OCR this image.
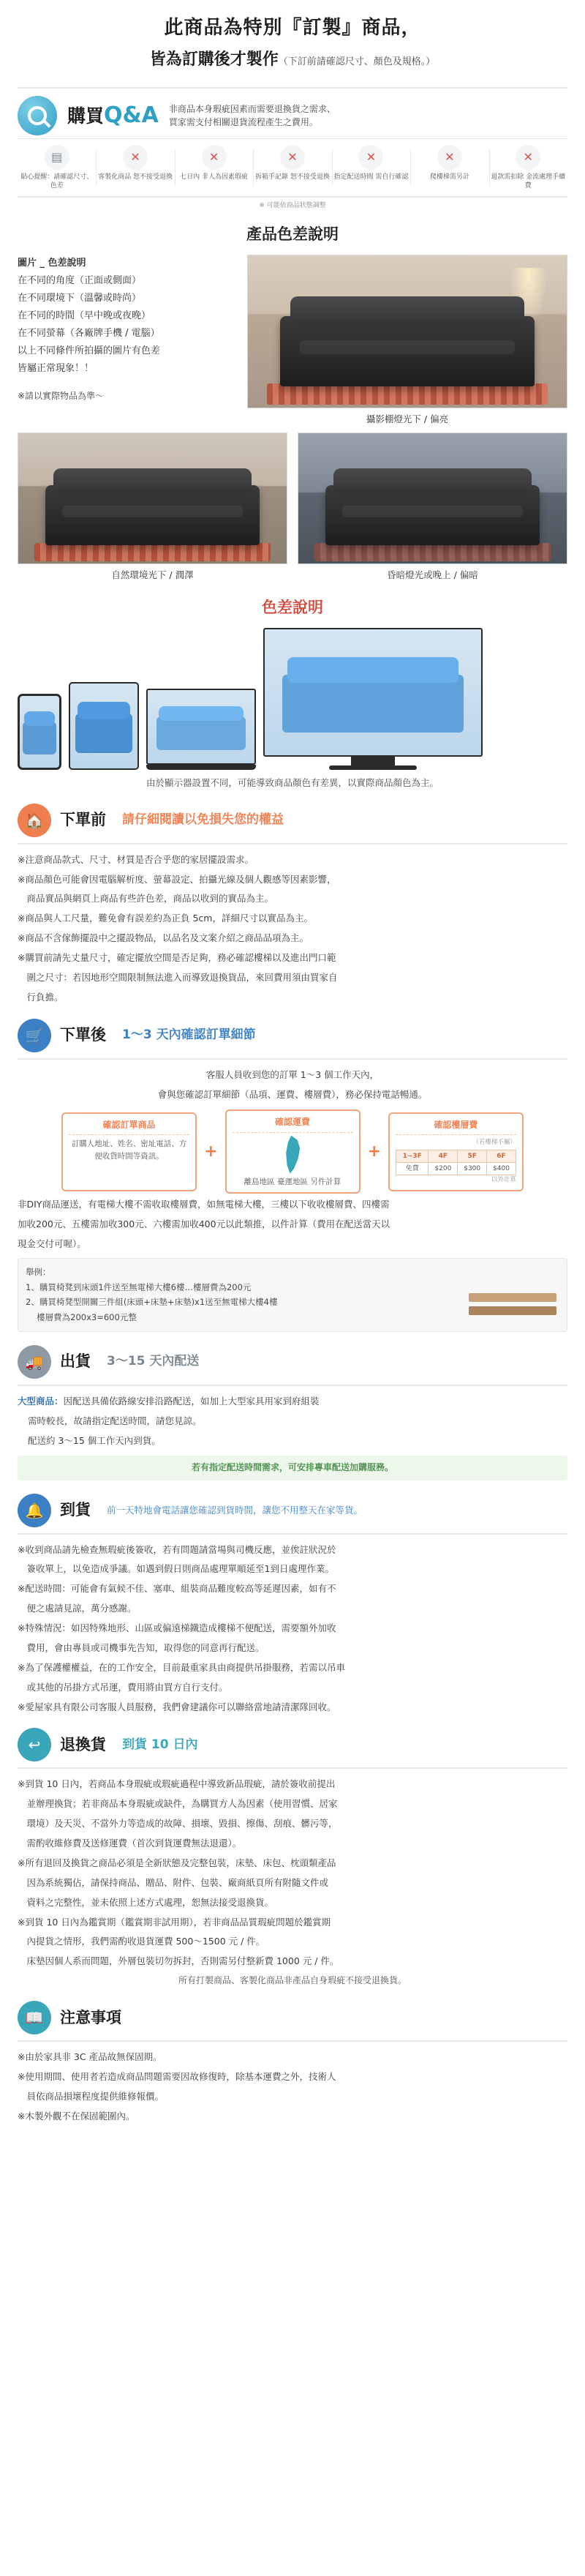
此商品為特別『訂製』商品，
皆為訂購後才製作（下訂前請確認尺寸、顏色及規格。）
購買Q&A 非商品本身瑕疵因素而需要退換貨之需求、
買家需支付相關退貨流程產生之費用。
▤
貼心提醒：請確認尺寸、色差
✕
客製化商品 恕不接受退換
✕
七日內 非人為因素瑕疵
✕
拆箱手記錄 恕不接受退換
✕
指定配送時間 需自行確認
✕
爬樓梯需另計
✕
退款需扣除 金流處理手續費
※ 可能依商品狀態調整
產品色差說明
圖片 _ 色差說明
在不同的角度（正面或側面）
在不同環境下（溫馨或時尚）
在不同的時間（早中晚或夜晚）
在不同螢幕（各廠牌手機 / 電腦）
以上不同條件所拍攝的圖片有色差
皆屬正常現象！！
※請以實際物品為準～
攝影棚燈光下 / 偏亮
自然環境光下 / 潤澤	昏暗燈光或晚上 / 偏暗
色差說明
由於顯示器設置不同，可能導致商品顏色有差異，以實際商品顏色為主。
🏠	下單前 請仔細閱讀以免損失您的權益

※注意商品款式、尺寸、材質是否合乎您的家居擺設需求。

※商品顏色可能會因電腦解析度、螢幕設定、拍攝光線及個人觀感等因素影響，

　商品實品與網頁上商品有些許色差，商品以收到的實品為主。

※商品與人工尺量，難免會有誤差約為正負 5cm，詳細尺寸以實品為主。

※商品不含傢飾擺設中之擺設物品，以品名及文案介紹之商品品項為主。

※購買前請先丈量尺寸，確定擺放空間是否足夠，務必確認樓梯以及進出門口範

　圍之尺寸：若因地形空間限制無法進入而導致退換貨品，來回費用須由買家自

　行負擔。

🛒	下單後 1～3 天內確認訂單細節

客服人員收到您的訂單 1～3 個工作天內，

會與您確認訂單細節（品項、運費、樓層費），務必保持電話暢通。

確認訂單商品
訂購人地址、姓名、密址電話、方便收貨時間等資訊。	+
確認運費
離島地區 臺運地區 另件計算
+
確認樓層費
（若樓梯不屬）
1~3F	4F	5F	6F
免費	$200	$300	$400
以外計算

非DIY商品運送，有電梯大樓不需收取樓層費，如無電梯大樓，三樓以下收收樓層費、四樓需

加收200元、五樓需加收300元、六樓需加收400元以此類推，以件計算（費用在配送當天以

現金交付可喔）。

舉例：
1、購買椅凳到床頭1件送至無電梯大樓6樓…樓層費為200元
2、購買椅凳型開關三件組(床頭+床墊+床墊)x1送至無電梯大樓4樓
　 樓層費為200x3=600元整
🚚	出貨 3～15 天內配送

大型商品：因配送具備依路線安排沿路配送，如加上大型家具用家到府組裝

需時較長，故請指定配送時間，請您見諒。

配送約 3～15 個工作天內到貨。

若有指定配送時間需求，可安排專車配送加購服務。
🔔	到貨 前一天特地會電話讓您確認到貨時間，讓您不用整天在家等貨。

※收到商品請先檢查無瑕疵後簽收，若有問題請當場與司機反應，並俟註狀況於

　簽收單上，以免造成爭議。如遇到假日則商品處理單順延至1到日處理作業。

※配送時間：可能會有氣候不佳、塞車、組裝商品難度較高等延遲因素，如有不

　便之處請見諒，萬分感謝。

※特殊情況：如因特殊地形、山區或偏遠梯鐵造成樓梯不便配送，需要額外加收

　費用，會由專員或司機事先告知，取得您的同意再行配送。

※為了保護權權益，在的工作安全，目前最重家具由商提供吊掛服務，若需以吊車

　或其他的吊掛方式吊運，費用將由買方自行支付。

※愛屋家具有限公司客服人員服務，我們會建議你可以聯絡當地請清潔隊回收。

↩	退換貨 到貨 10 日內

※到貨 10 日內，若商品本身瑕疵或瑕疵過程中導致新品瑕疵，請於簽收前提出

　並辦理換貨；若非商品本身瑕疵或缺件，為購買方人為因素（使用習慣、居家

　環境）及天災、不當外力等造成的故障、損壞、毀損、擦傷、刮痕、髒污等，

　需酌收維修費及送修運費（首次到貨運費無法退還）。

※所有退回及換貨之商品必須是全新狀態及完整包裝，床墊、床包、枕頭類產品

　因為系統獨佔，請保持商品、贈品、附件、包裝、廠商紙頁所有附隨文件或

　資料之完整性，並未依照上述方式處理，恕無法接受退換貨。

※到貨 10 日內為鑑賞期（鑑賞期非試用期），若非商品品質瑕疵問題於鑑賞期

　內提貨之情形，我們需酌收退貨運費 500～1500 元 / 件。

　床墊因個人系而問題，外層包裝切勿拆封，否則需另付整新費 1000 元 / 件。

所有打製商品、客製化商品非產品自身瑕疵不接受退換貨。
📖	注意事項

※由於家具非 3C 產品故無保固期。

※使用期間、使用者若造成商品問題需要因故修復時，除基本運費之外，技術人

　員依商品損壞程度提供維修報價。

※木製外觀不在保固範圍內。
